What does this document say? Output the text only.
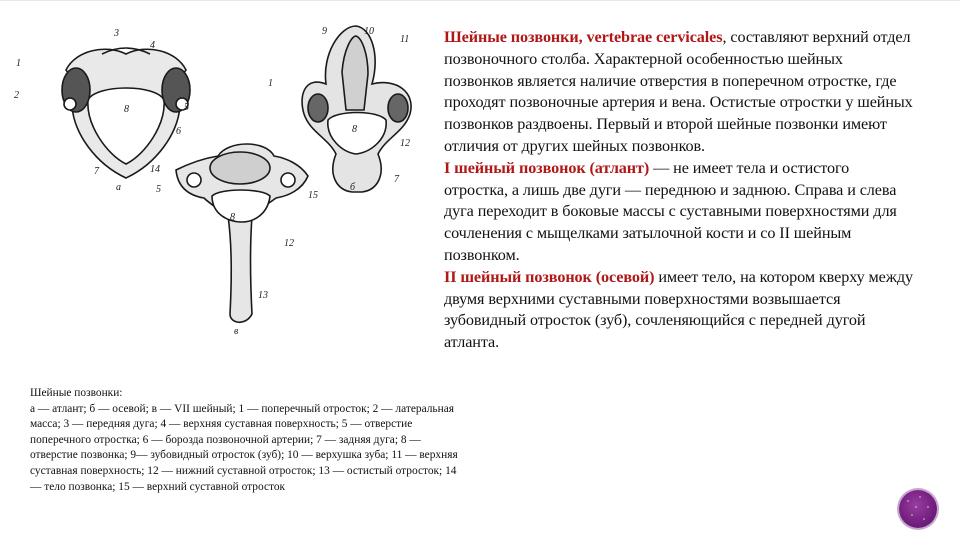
1
2
3
4
5
6
7
8
а
9	10
11
1
12
8
б
7
14
5
15
8
12
13
в

Шейные позвонки, vertebrae cervicales, составляют верхний отдел позвоночного столба. Характерной особенностью шейных позвонков является наличие отверстия в поперечном отростке, где проходят позвоночные артерия и вена. Остистые отростки у шейных позвонков раздвоены. Первый и второй шейные позвонки имеют отличия от других шейных позвонков.

I шейный позвонок (атлант) — не имеет тела и остистого отростка, а лишь две дуги — переднюю и заднюю. Справа и слева дуга переходит в боковые массы с суставными поверхностями для сочленения с мыщелками затылочной кости и со II шейным позвонком.

II шейный позвонок (осевой) имеет тело, на котором кверху между двумя верхними суставными поверхностями возвышается зубовидный отросток (зуб), сочленяющийся с передней дугой атланта.

Шейные позвонки:

а — атлант; б — осевой; в — VII шейный; 1 — поперечный отросток; 2 — латеральная масса; 3 — передняя дуга; 4 — верхняя суставная поверхность; 5 — отверстие поперечного отростка; 6 — борозда позвоночной артерии; 7 — задняя дуга; 8 — отверстие позвонка; 9— зубовидный отросток (зуб); 10 — верхушка зуба; 11 — верхняя суставная поверхность; 12 — нижний суставной отросток; 13 — остистый отросток; 14 — тело позвонка; 15 — верхний суставной отросток
